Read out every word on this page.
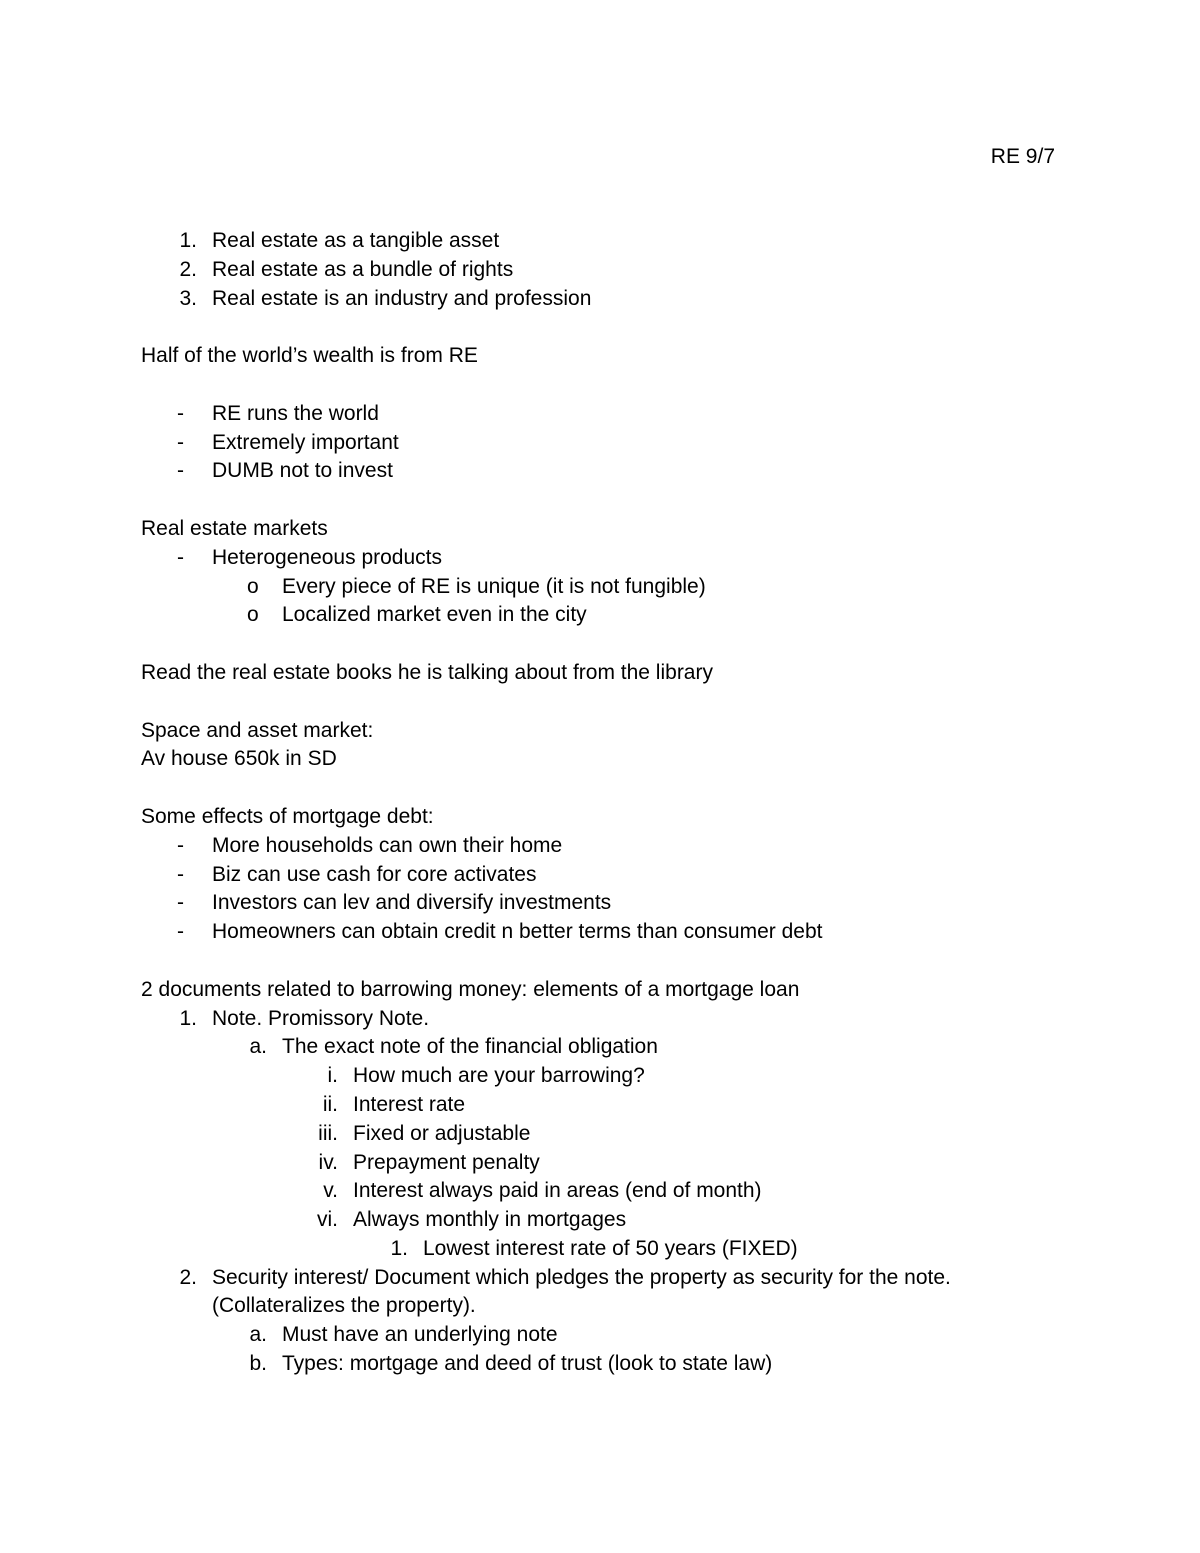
RE 9/7
1. Real estate as a tangible asset
2. Real estate as a bundle of rights
3. Real estate is an industry and profession
Half of the world’s wealth is from RE
-	RE runs the world
-	Extremely important
-	DUMB not to invest
Real estate markets
-	Heterogeneous products
o	Every piece of RE is unique (it is not fungible)
o	Localized market even in the city
Read the real estate books he is talking about from the library
Space and asset market:
Av house 650k in SD
Some effects of mortgage debt:
-	More households can own their home
-	Biz can use cash for core activates
-	Investors can lev and diversify investments
-	Homeowners can obtain credit n better terms than consumer debt
2 documents related to barrowing money: elements of a mortgage loan
1. Note. Promissory Note.
a. The exact note of the financial obligation
i. How much are your barrowing?
ii. Interest rate
iii. Fixed or adjustable
iv. Prepayment penalty
v. Interest always paid in areas (end of month)
vi. Always monthly in mortgages
1. Lowest interest rate of 50 years (FIXED)
2. Security interest/ Document which pledges the property as security for the note.
(Collateralizes the property).
a. Must have an underlying note
b. Types: mortgage and deed of trust (look to state law)
